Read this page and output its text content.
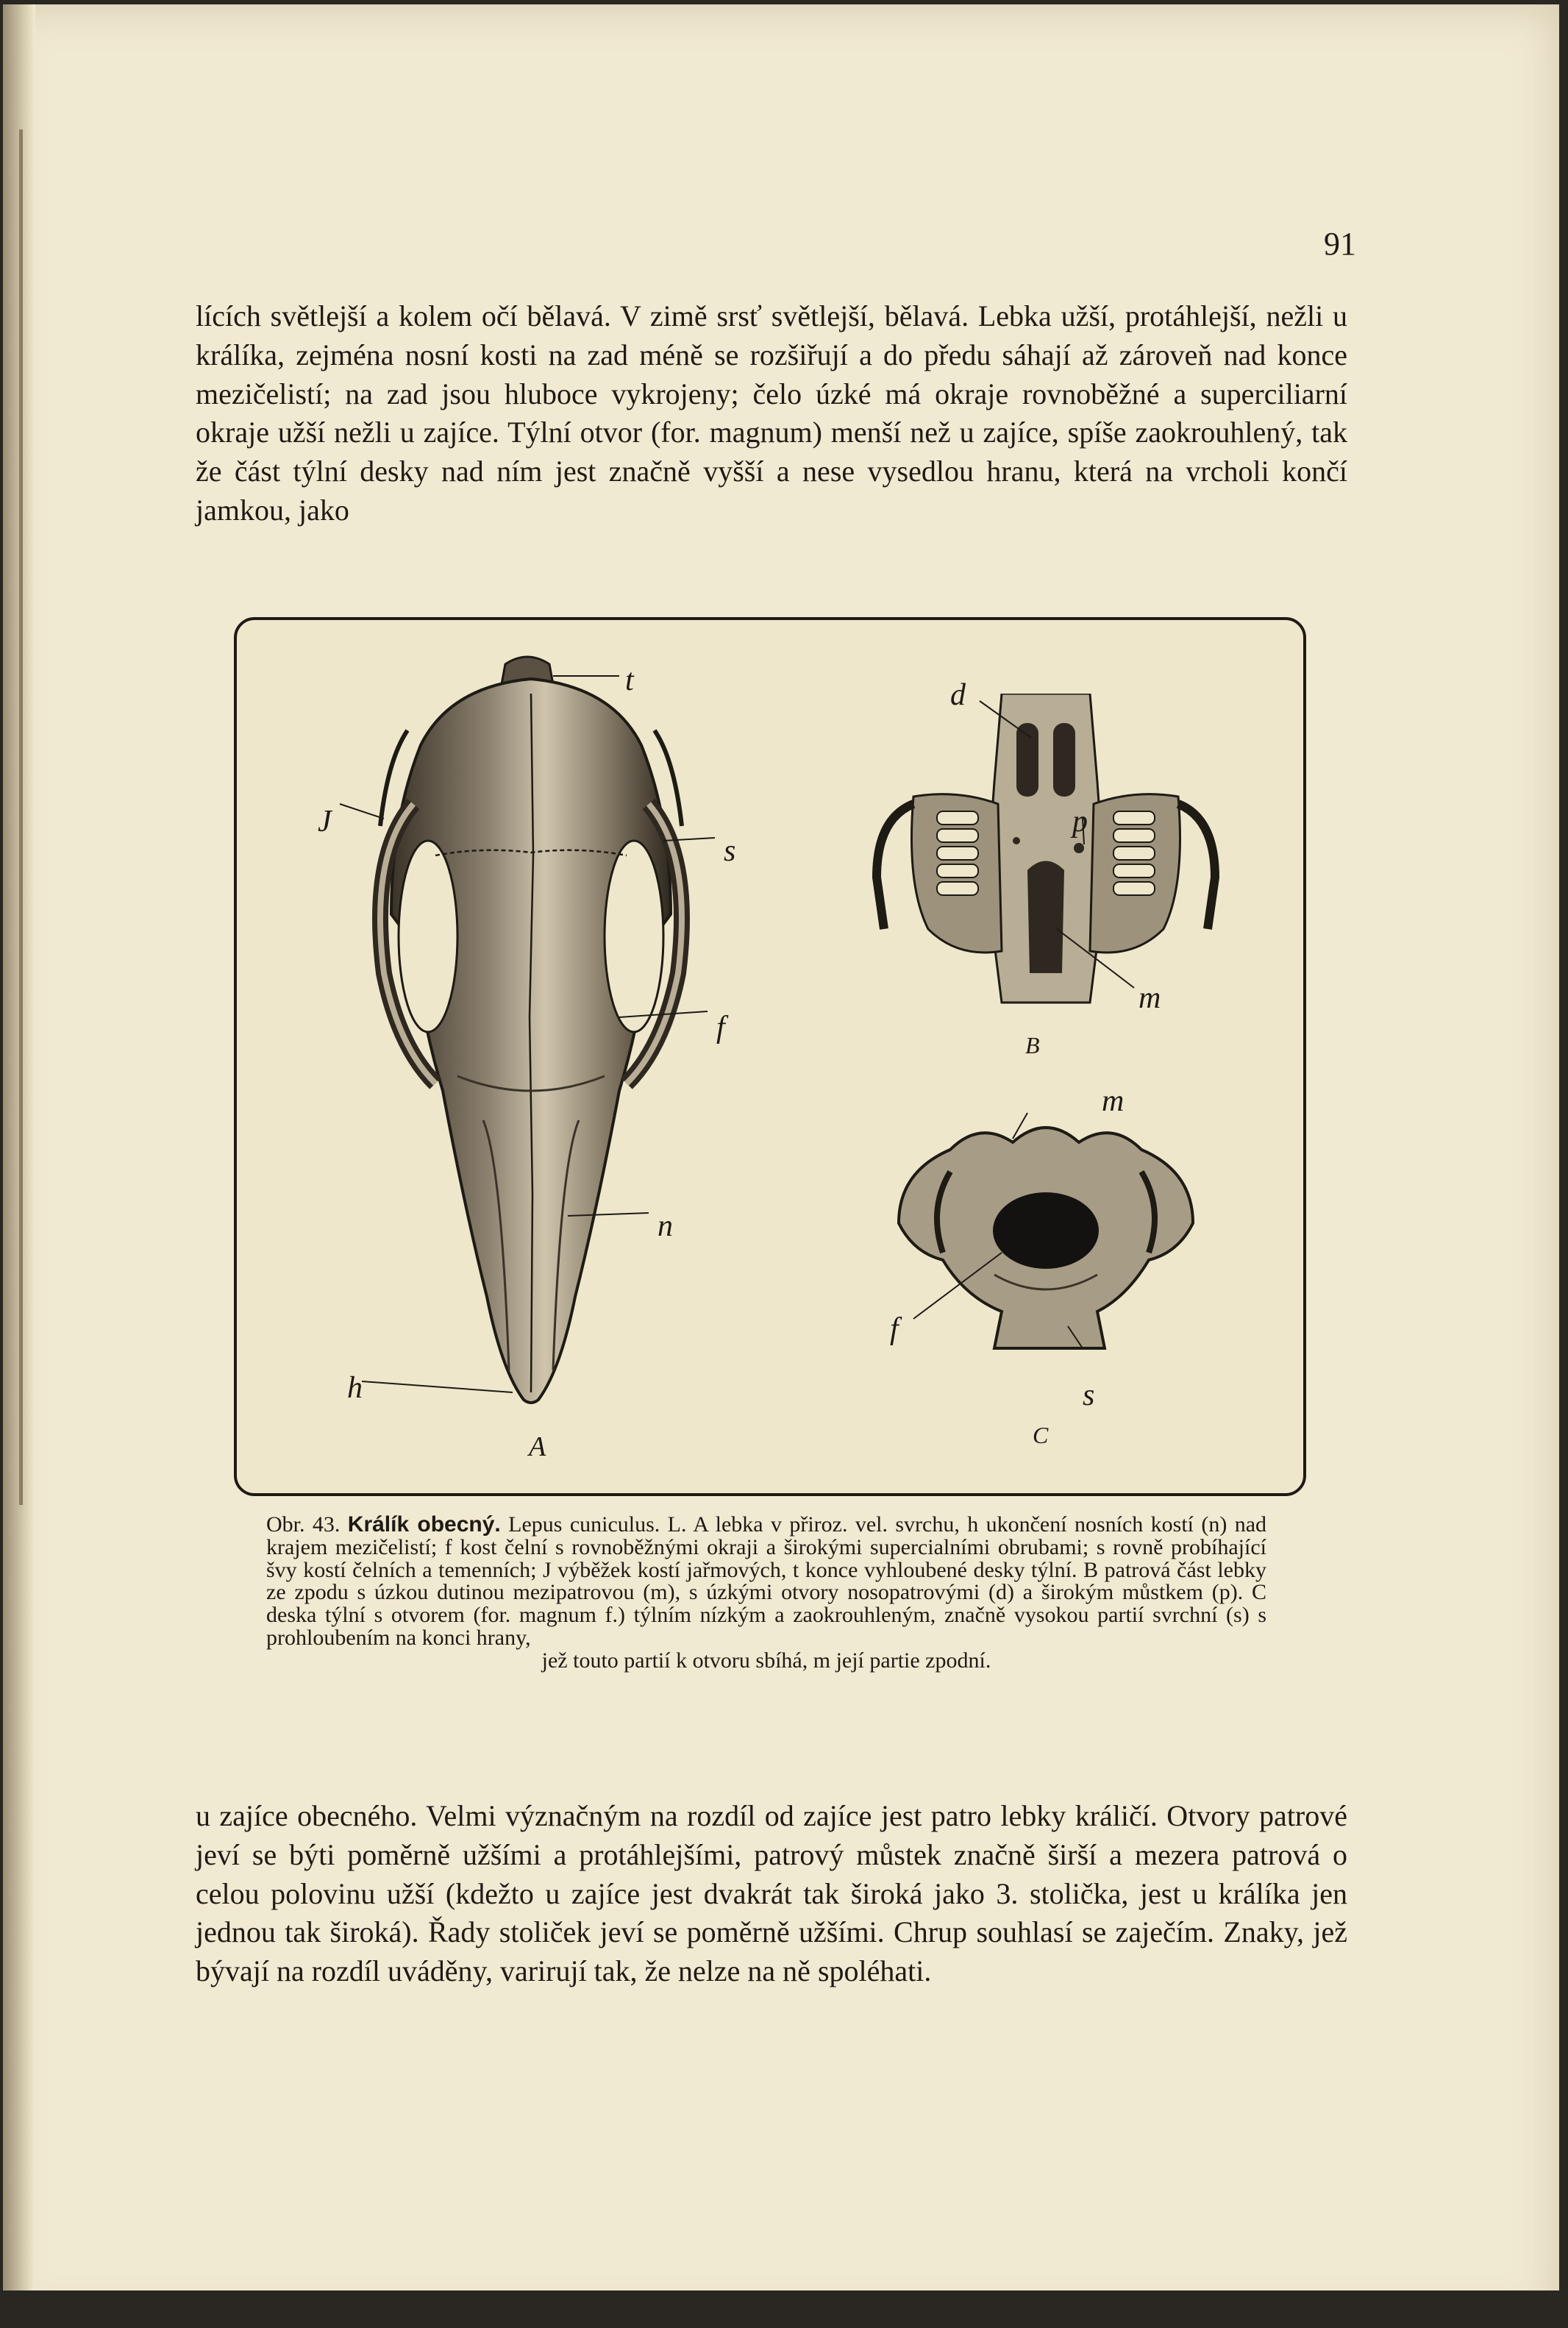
91

lících světlejší a kolem očí bělavá. V zimě srsť světlejší, bělavá. Lebka užší, protáhlejší, nežli u králíka, zejména nosní kosti na zad méně se rozšiřují a do předu sáhají až zároveň nad konce mezičelistí; na zad jsou hluboce vykrojeny; čelo úzké má okraje rovnoběžné a superciliarní okraje užší nežli u zajíce. Týlní otvor (for. magnum) menší než u zajíce, spíše zaokrouhlený, tak že část týlní desky nad ním jest značně vyšší a nese vysedlou hranu, která na vrcholi končí jamkou, jako

t
J
s
f
n
h
A
d
p
m
B
m
f
s
C

Obr. 43. Králík obecný. Lepus cuniculus. L. A lebka v přiroz. vel. svrchu, h ukončení nosních kostí (n) nad krajem mezičelistí; f kost čelní s rovnoběžnými okraji a širokými supercialními obrubami; s rovně probíhající švy kostí čelních a temenních; J výběžek kostí jařmových, t konce vyhloubené desky týlní. B patrová část lebky ze zpodu s úzkou dutinou mezipatrovou (m), s úzkými otvory nosopatrovými (d) a širokým můstkem (p). C deska týlní s otvorem (for. magnum f.) týlním nízkým a zaokrouhleným, značně vysokou partií svrchní (s) s prohloubením na konci hrany,
jež touto partií k otvoru sbíhá, m její partie zpodní.

u zajíce obecného. Velmi význačným na rozdíl od zajíce jest patro lebky králičí. Otvory patrové jeví se býti poměrně užšími a protáhlejšími, patrový můstek značně širší a mezera patrová o celou polovinu užší (kdežto u zajíce jest dvakrát tak široká jako 3. stolička, jest u králíka jen jednou tak široká). Řady stoliček jeví se poměrně užšími. Chrup souhlasí se zaječím. Znaky, jež bývají na rozdíl uváděny, varirují tak, že nelze na ně spoléhati.
